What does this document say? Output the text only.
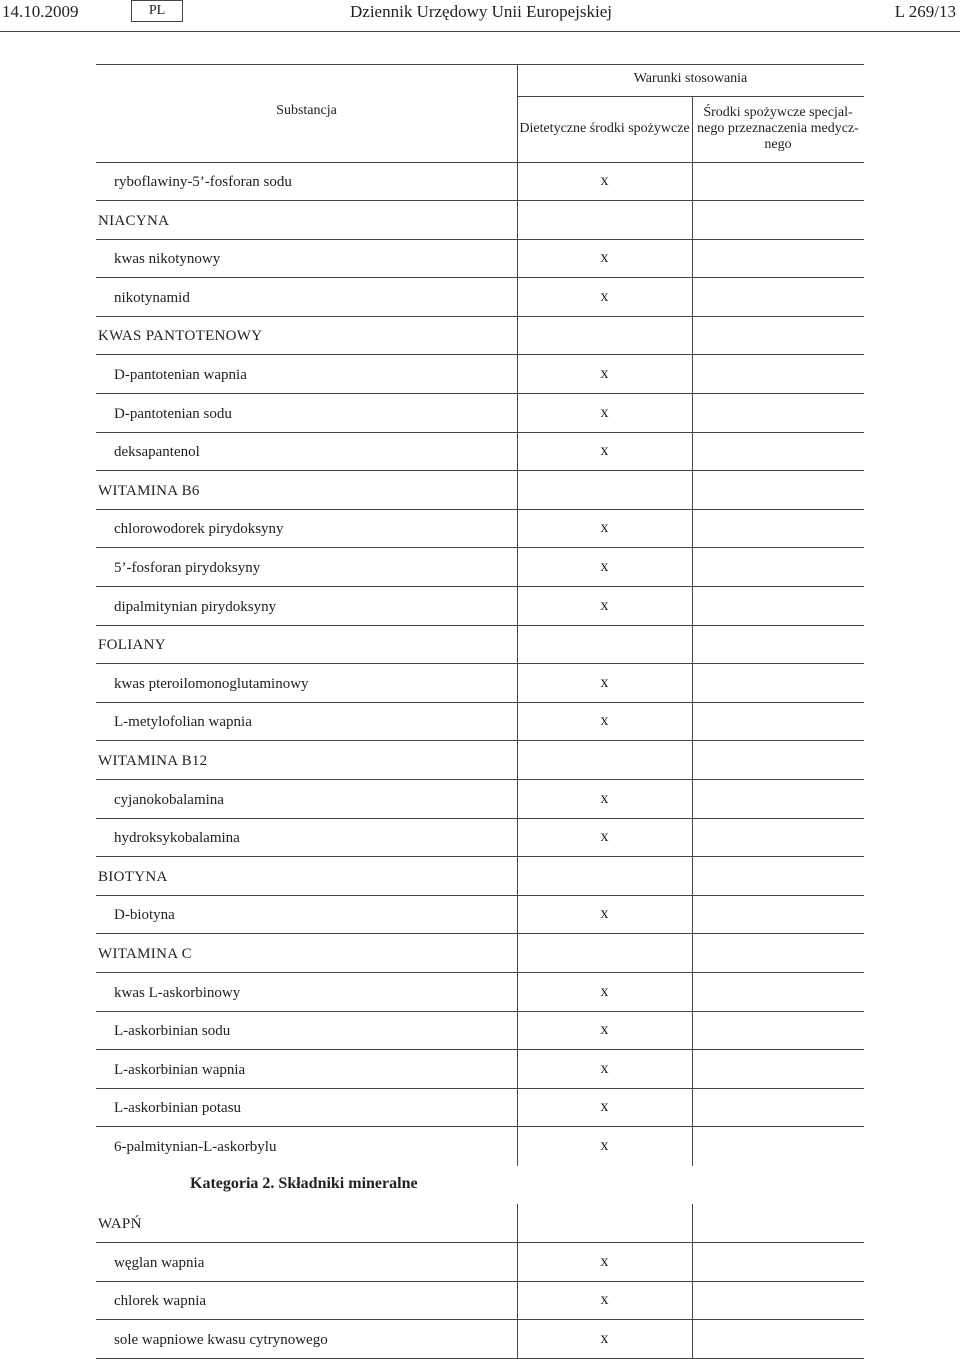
14.10.2009	PL	Dziennik Urzędowy Unii Europejskiej	L 269/13
Substancja
Warunki stosowania
Dietetyczne środki spożywcze
Środki spożywcze specjal-
nego przeznaczenia medycz-
nego
ryboflawiny-5’-fosforan sodu	x
NIACYNA
kwas nikotynowy	x
nikotynamid	x
KWAS PANTOTENOWY
D-pantotenian wapnia	x
D-pantotenian sodu	x
deksapantenol	x
WITAMINA B6
chlorowodorek pirydoksyny	x
5’-fosforan pirydoksyny	x
dipalmitynian pirydoksyny	x
FOLIANY
kwas pteroilomonoglutaminowy	x
L-metylofolian wapnia	x
WITAMINA B12
cyjanokobalamina	x
hydroksykobalamina	x
BIOTYNA
D-biotyna	x
WITAMINA C
kwas L-askorbinowy	x
L-askorbinian sodu	x
L-askorbinian wapnia	x
L-askorbinian potasu	x
6-palmitynian-L-askorbylu	x
Kategoria 2. Składniki mineralne
WAPŃ
węglan wapnia	x
chlorek wapnia	x
sole wapniowe kwasu cytrynowego	x
